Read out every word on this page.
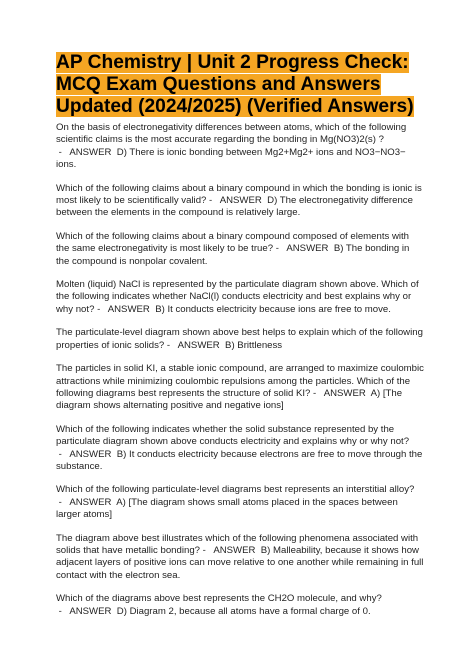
AP Chemistry | Unit 2 Progress Check: MCQ Exam Questions and Answers Updated (2024/2025) (Verified Answers)

On the basis of electronegativity differences between atoms, which of the following scientific claims is the most accurate regarding the bonding in Mg(NO3)2(s) ? -   ANSWER D) There is ionic bonding between Mg2+Mg2+ ions and NO3−NO3− ions.

Which of the following claims about a binary compound in which the bonding is ionic is most likely to be scientifically valid? -   ANSWER D) The electronegativity difference between the elements in the compound is relatively large.

Which of the following claims about a binary compound composed of elements with the same electronegativity is most likely to be true? -   ANSWER B) The bonding in the compound is nonpolar covalent.

Molten (liquid) NaCl is represented by the particulate diagram shown above. Which of the following indicates whether NaCl(l) conducts electricity and best explains why or why not? -   ANSWER B) It conducts electricity because ions are free to move.

The particulate-level diagram shown above best helps to explain which of the following properties of ionic solids? -   ANSWER B) Brittleness

The particles in solid KI, a stable ionic compound, are arranged to maximize coulombic attractions while minimizing coulombic repulsions among the particles. Which of the following diagrams best represents the structure of solid KI? -   ANSWER A) [The diagram shows alternating positive and negative ions]

Which of the following indicates whether the solid substance represented by the particulate diagram shown above conducts electricity and explains why or why not? -   ANSWER B) It conducts electricity because electrons are free to move through the substance.

Which of the following particulate-level diagrams best represents an interstitial alloy? -   ANSWER A) [The diagram shows small atoms placed in the spaces between larger atoms]

The diagram above best illustrates which of the following phenomena associated with solids that have metallic bonding? -   ANSWER B) Malleability, because it shows how adjacent layers of positive ions can move relative to one another while remaining in full contact with the electron sea.

Which of the diagrams above best represents the CH2O molecule, and why? -   ANSWER D) Diagram 2, because all atoms have a formal charge of 0.
